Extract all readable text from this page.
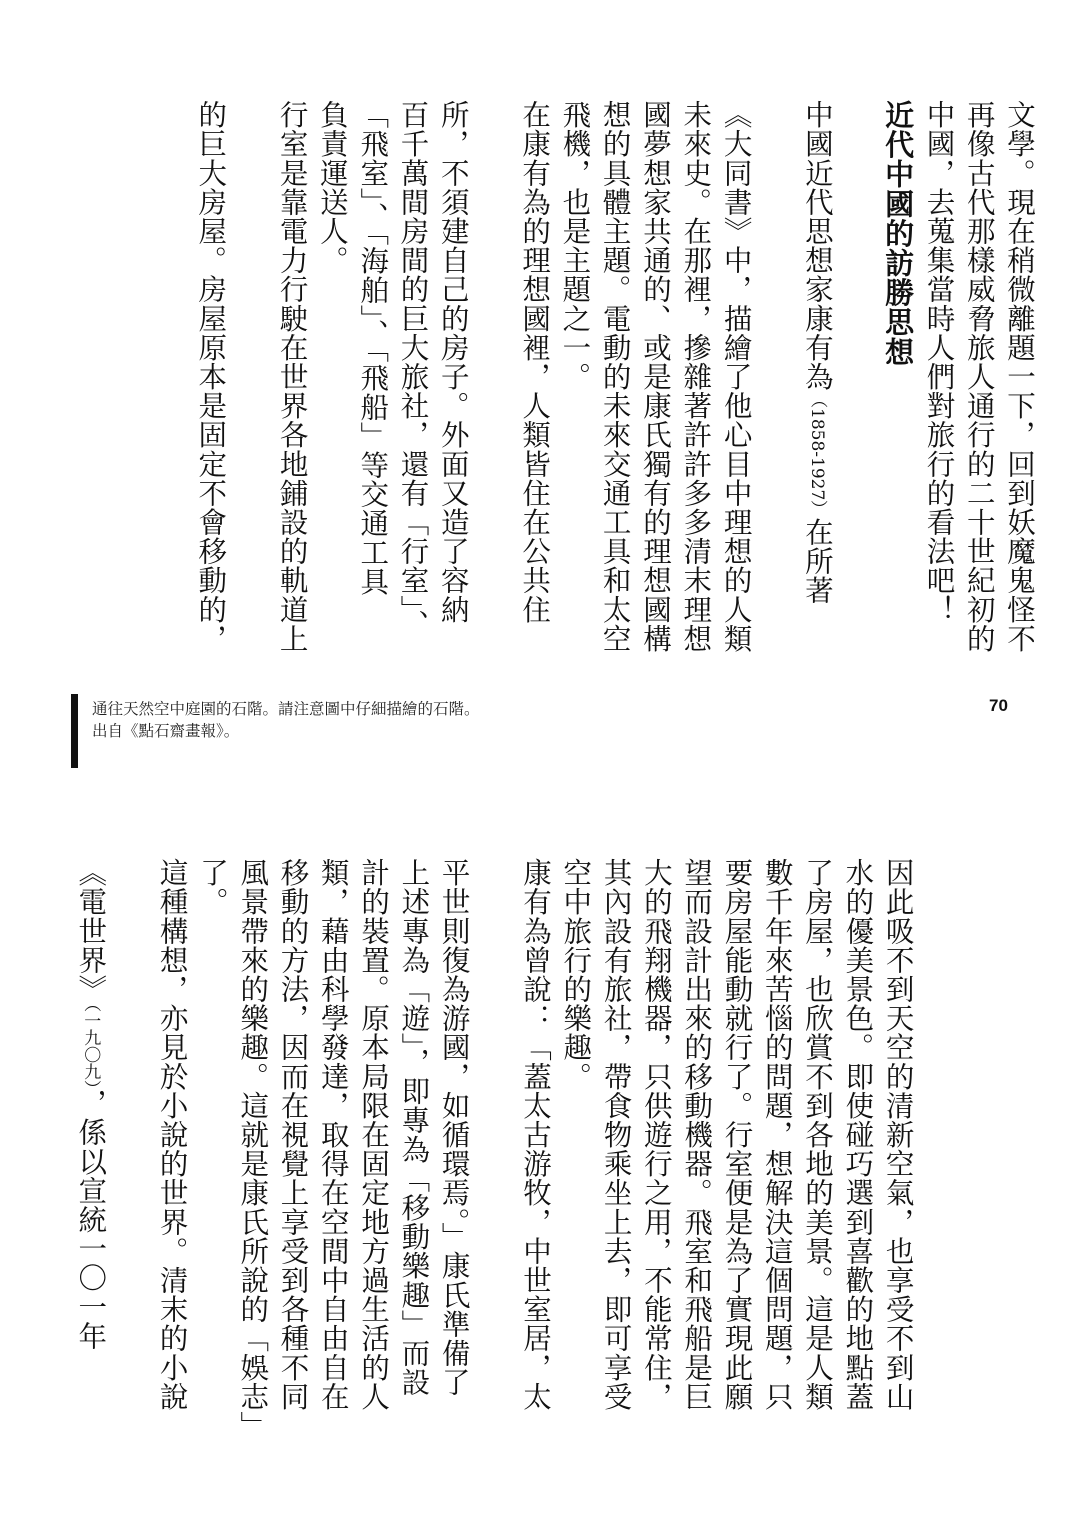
文學。現在稍微離題一下，回到妖魔鬼怪不
再像古代那樣威脅旅人通行的二十世紀初的
中國，去蒐集當時人們對旅行的看法吧！
近代中國的訪勝思想
中國近代思想家康有為（1858-1927）在所著
《大同書》中，描繪了他心目中理想的人類
未來史。在那裡，摻雜著許許多多清末理想
國夢想家共通的、或是康氏獨有的理想國構
想的具體主題。電動的未來交通工具和太空
飛機，也是主題之一。
在康有為的理想國裡，人類皆住在公共住
所，不須建自己的房子。外面又造了容納
百千萬間房間的巨大旅社，還有「行室」、
「飛室」、「海舶」、「飛船」等交通工具
負責運送人。
行室是靠電力行駛在世界各地鋪設的軌道上
的巨大房屋。房屋原本是固定不會移動的，
通往天然空中庭園的石階。請注意圖中仔細描繪的石階。
出自《點石齋畫報》。
70
因此吸不到天空的清新空氣，也享受不到山
水的優美景色。即使碰巧選到喜歡的地點蓋
了房屋，也欣賞不到各地的美景。這是人類
數千年來苦惱的問題，想解決這個問題，只
要房屋能動就行了。行室便是為了實現此願
望而設計出來的移動機器。飛室和飛船是巨
大的飛翔機器，只供遊行之用，不能常住，
其內設有旅社，帶食物乘坐上去，即可享受
空中旅行的樂趣。
康有為曾說：「蓋太古游牧，中世室居，太
平世則復為游國，如循環焉。」康氏準備了
上述專為「遊」，即專為「移動樂趣」而設
計的裝置。原本局限在固定地方過生活的人
類，藉由科學發達，取得在空間中自由自在
移動的方法，因而在視覺上享受到各種不同
風景帶來的樂趣。這就是康氏所說的「娛志」
了。
這種構想，亦見於小說的世界。清末的小說
《電世界》（一九〇九），係以宣統一〇一年
